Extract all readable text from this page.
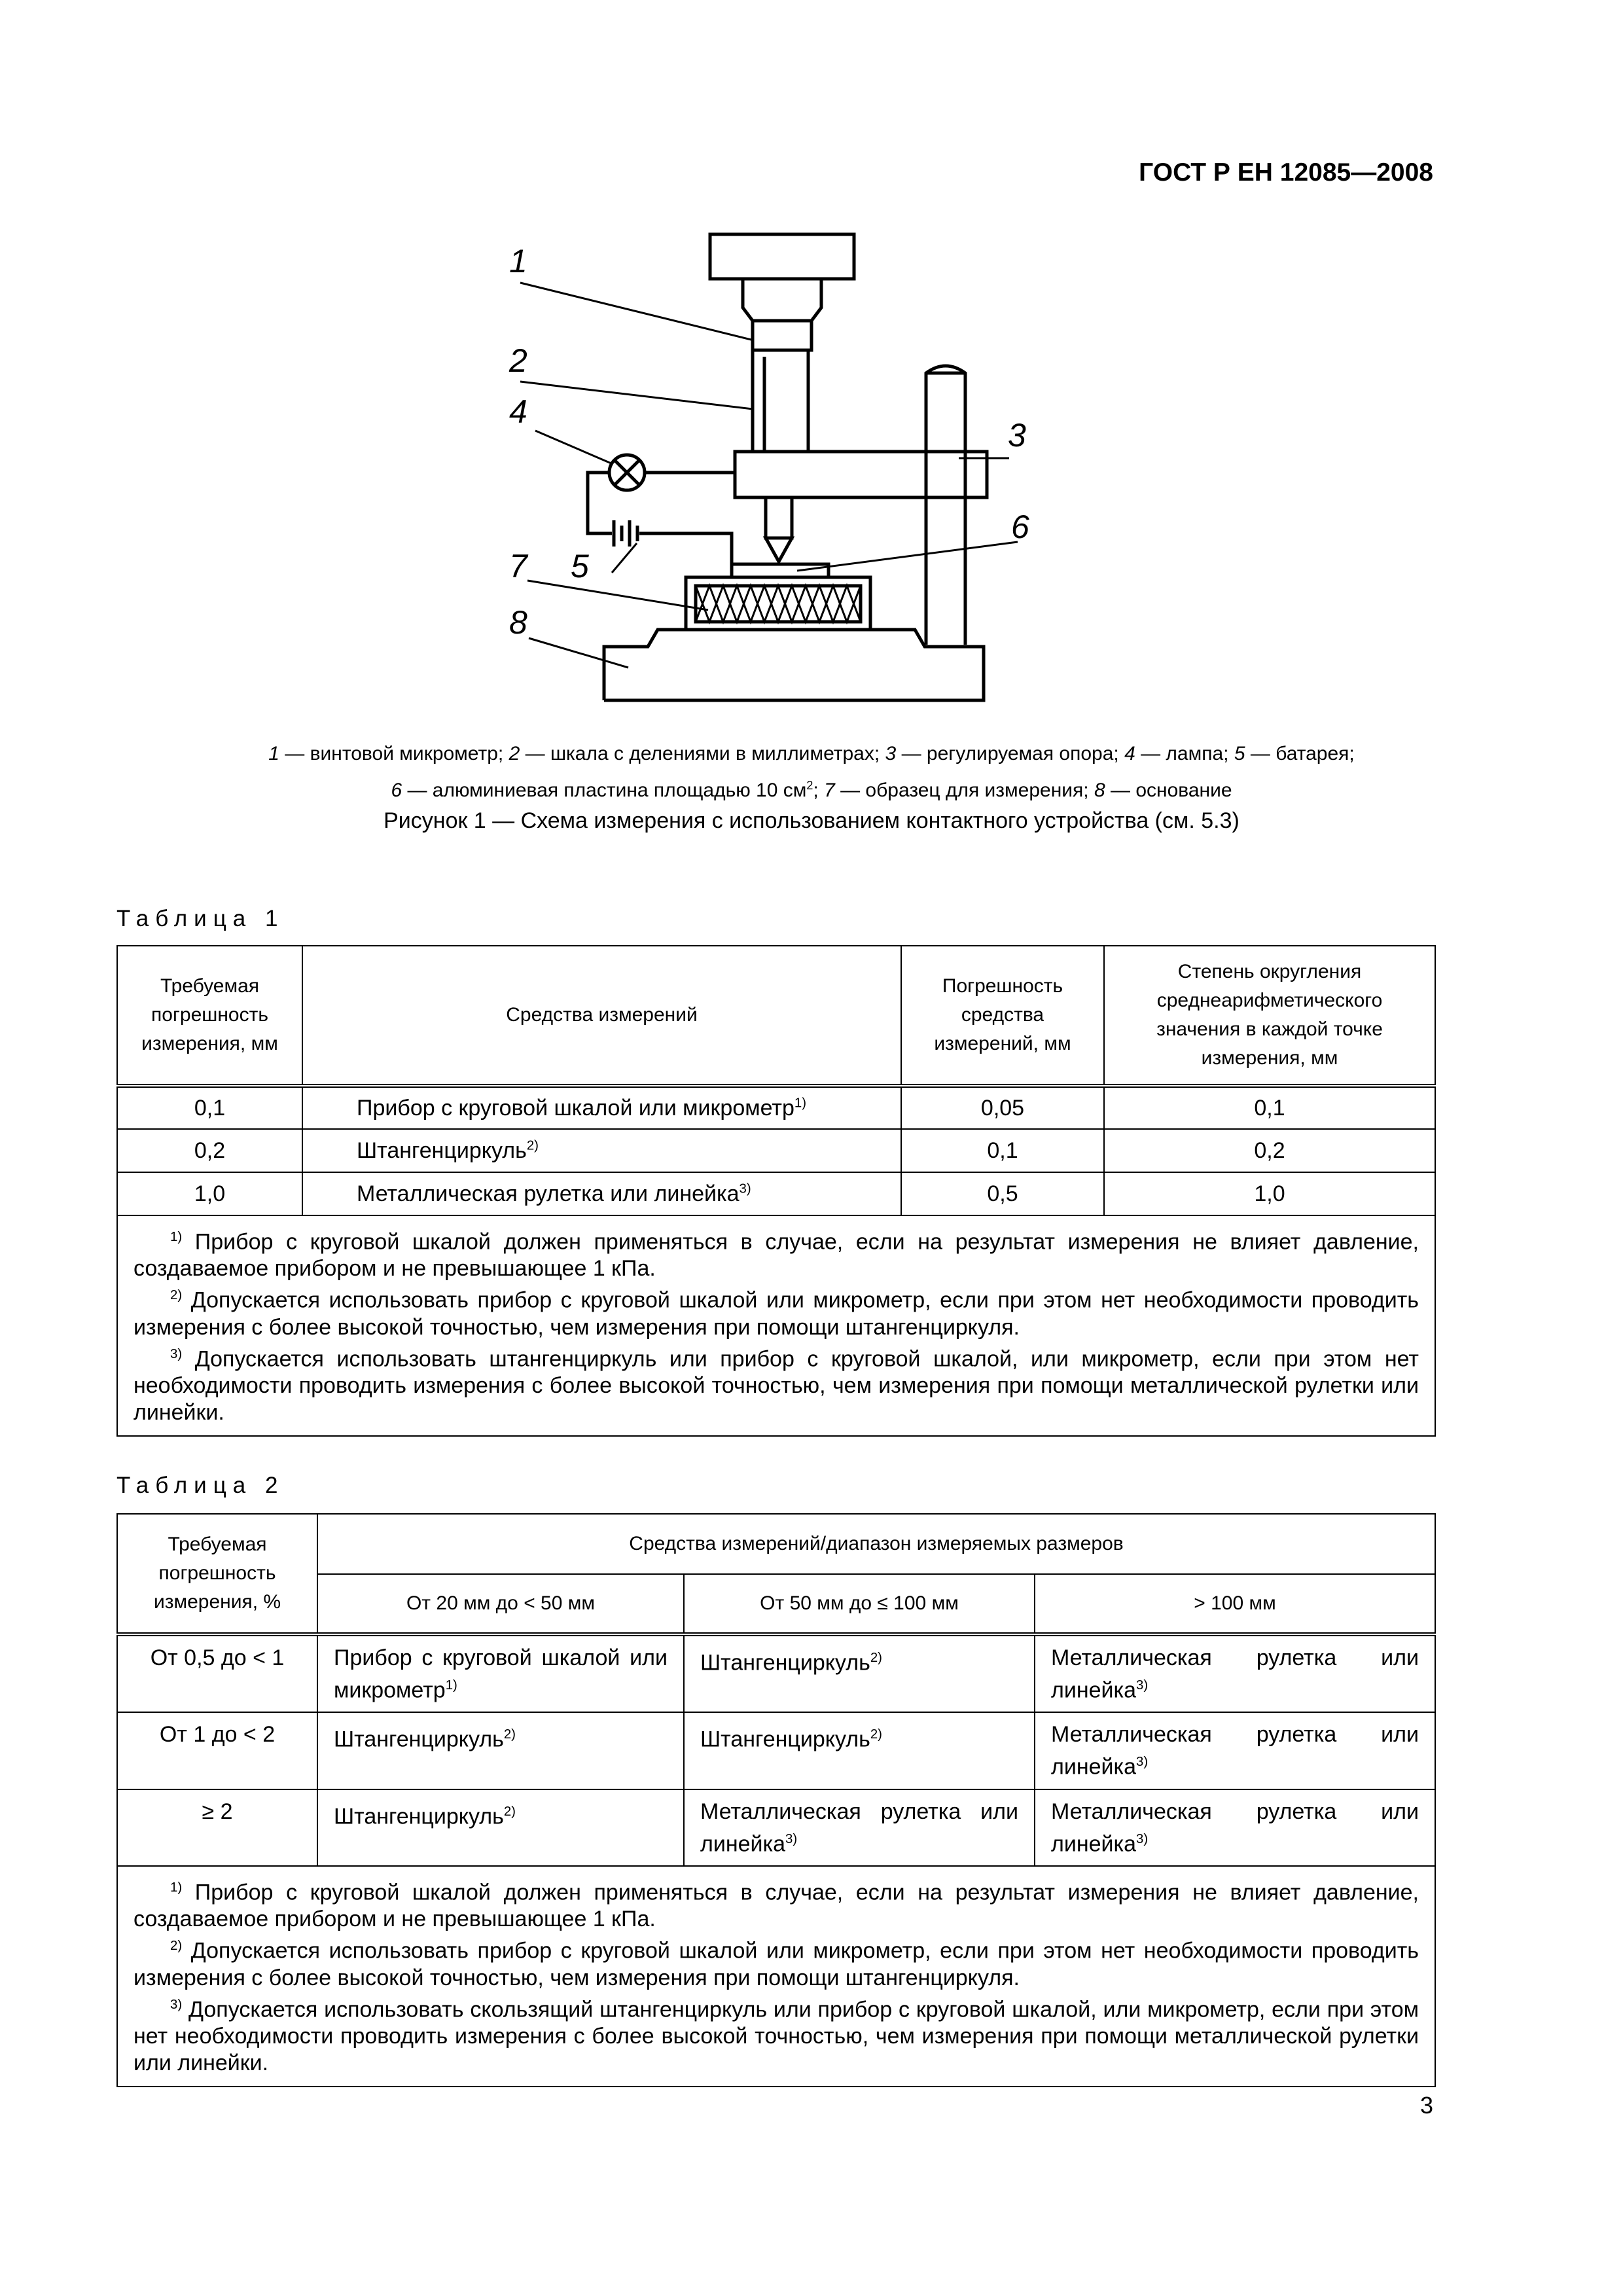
ГОСТ Р ЕН 12085—2008
1
2
3
4
5
6
7
8
1 — винтовой микрометр; 2 — шкала с делениями в миллиметрах; 3 — регулируемая опора; 4 — лампа; 5 — батарея;
6 — алюминиевая пластина площадью 10 $см^2$; 7 — образец для измерения; 8 — основание
Рисунок 1 — Схема измерения с использованием контактного устройства (см. 5.3)
Таблица 1
Требуемая погрешность измерения, мм	Средства измерений	Погрешность средства измерений, мм	Степень округления среднеарифметического значения в каждой точке измерения, мм
0,1	Прибор с круговой шкалой или микрометр$^{1)}$	0,05	0,1
0,2	Штангенциркуль$^{2)}$	0,1	0,2
1,0	Металлическая рулетка или линейка$^{3)}$	0,5	1,0

$^{1)}$ Прибор с круговой шкалой должен применяться в случае, если на результат измерения не влияет давление, создаваемое прибором и не превышающее 1 кПа.

$^{2)}$ Допускается использовать прибор с круговой шкалой или микрометр, если при этом нет необходимости проводить измерения с более высокой точностью, чем измерения при помощи штангенциркуля.

$^{3)}$ Допускается использовать штангенциркуль или прибор с круговой шкалой, или микрометр, если при этом нет необходимости проводить измерения с более высокой точностью, чем измерения при помощи металлической рулетки или линейки.			

Таблица 2
Требуемая погрешность измерения, %	Средства измерений/диапазон измеряемых размеров		
	От 20 мм до < 50 мм	От 50 мм до ≤ 100 мм	> 100 мм
От 0,5 до < 1	Прибор с круговой шкалой или микрометр$^{1)}$	Штангенциркуль$^{2)}$	Металлическая рулетка или линейка$^{3)}$
От 1 до < 2	Штангенциркуль$^{2)}$	Штангенциркуль$^{2)}$	Металлическая рулетка или линейка$^{3)}$
≥ 2	Штангенциркуль$^{2)}$	Металлическая рулетка или линейка$^{3)}$	Металлическая рулетка или линейка$^{3)}$

$^{1)}$ Прибор с круговой шкалой должен применяться в случае, если на результат измерения не влияет давление, создаваемое прибором и не превышающее 1 кПа.

$^{2)}$ Допускается использовать прибор с круговой шкалой или микрометр, если при этом нет необходимости проводить измерения с более высокой точностью, чем измерения при помощи штангенциркуля.

$^{3)}$ Допускается использовать скользящий штангенциркуль или прибор с круговой шкалой, или микрометр, если при этом нет необходимости проводить измерения с более высокой точностью, чем измерения при помощи металлической рулетки или линейки.			

3
